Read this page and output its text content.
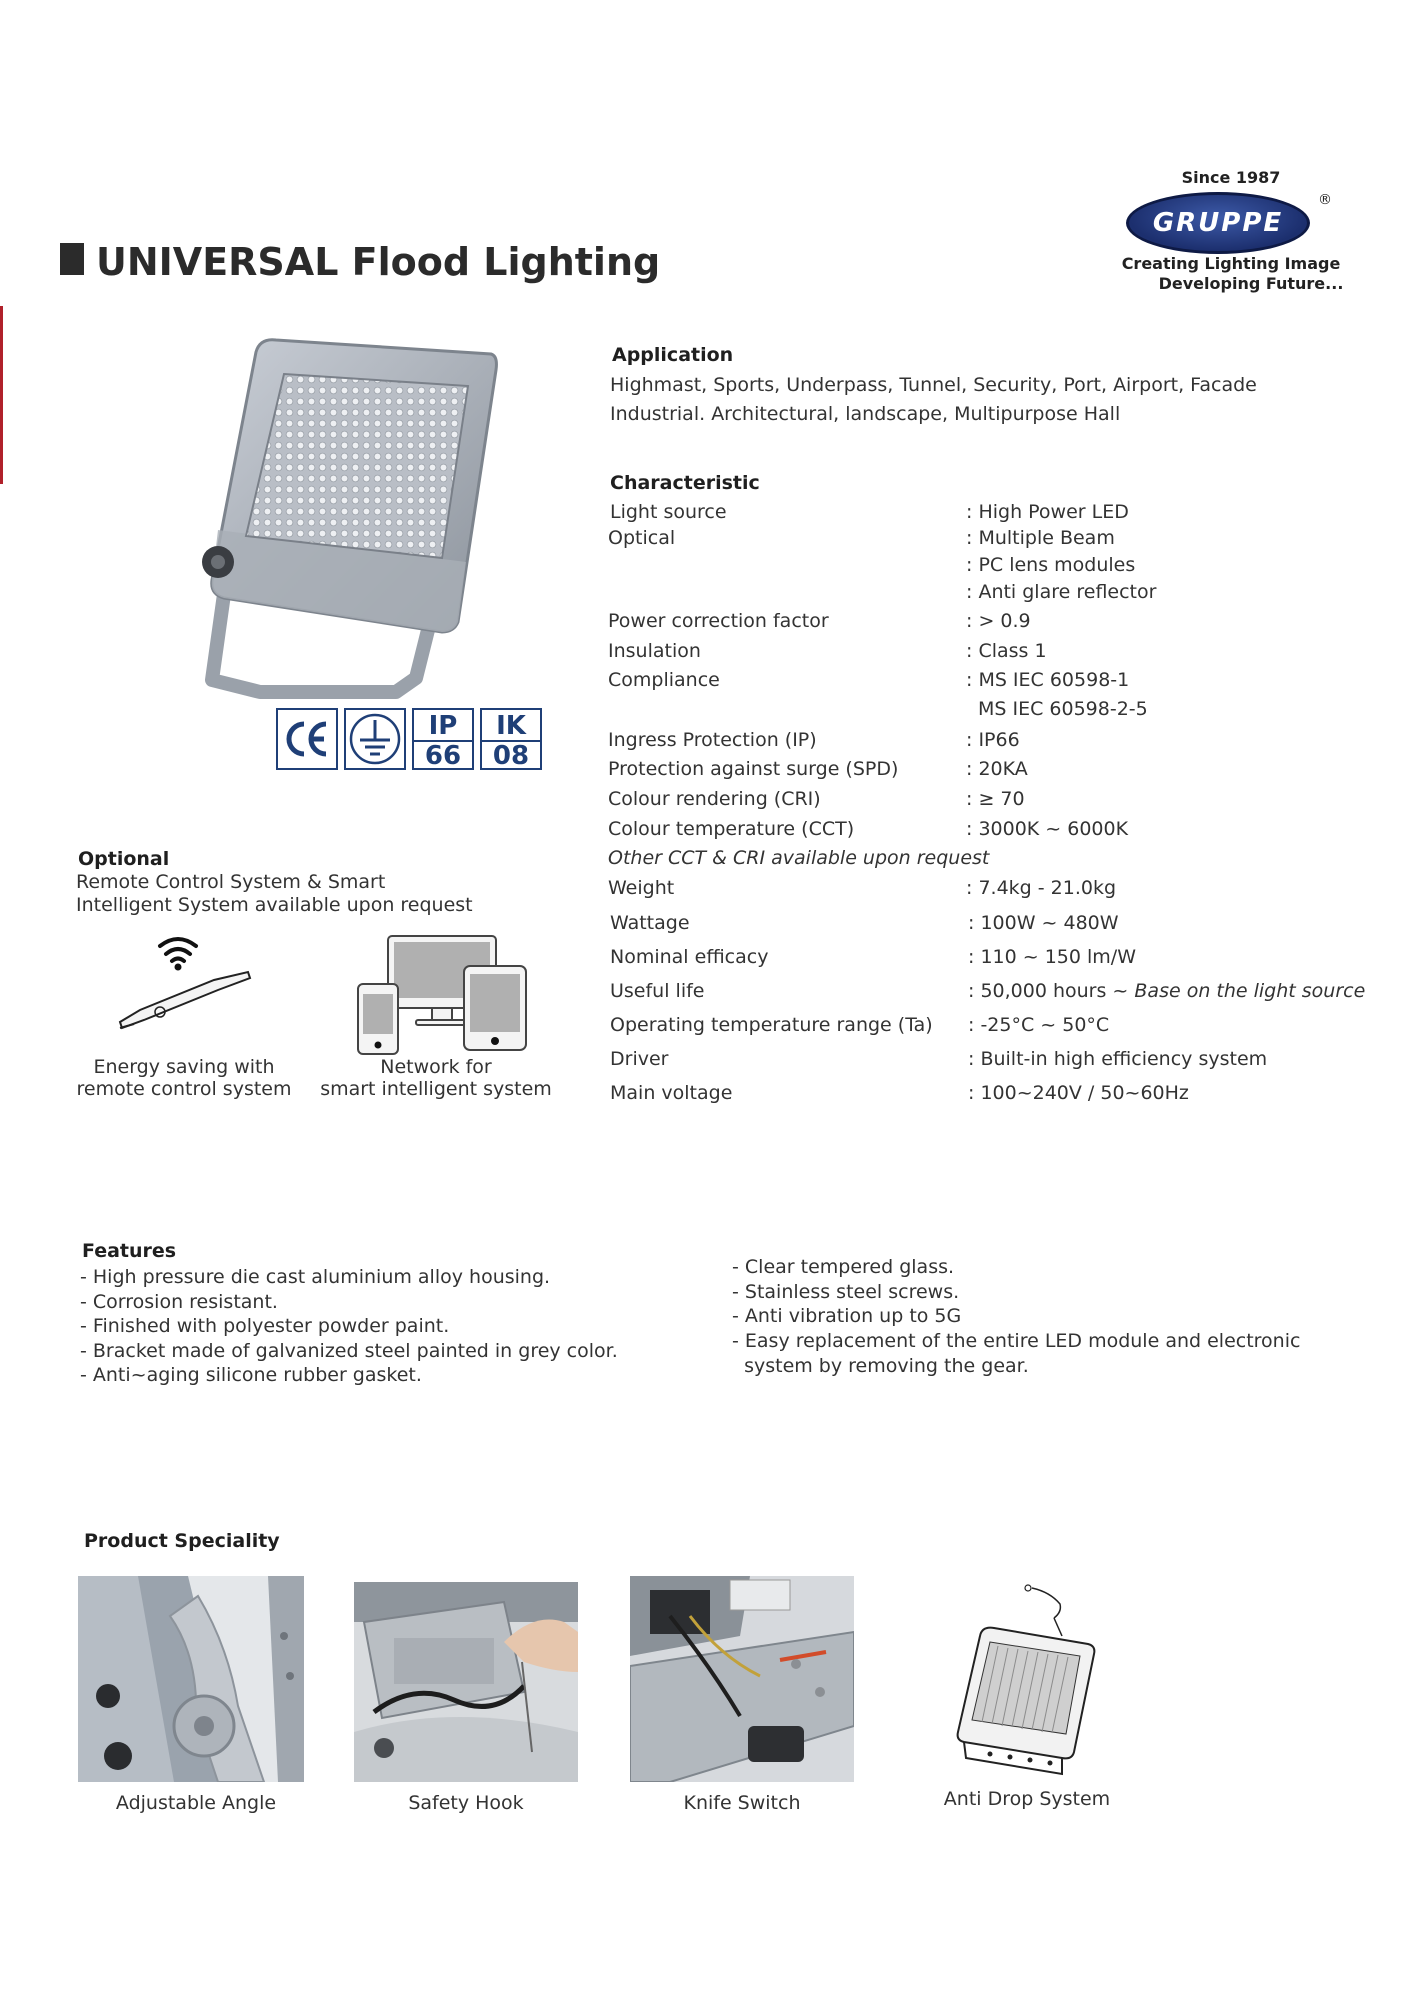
UNIVERSAL Flood Lighting
Since 1987
GRUPPE
®
Creating Lighting Image
Developing Future...
IP
66
IK
08
Application
Highmast, Sports, Underpass, Tunnel, Security, Port, Airport, Facade
Industrial. Architectural, landscape, Multipurpose Hall
Characteristic
Light source	: High Power LED
Optical	: Multiple Beam
: PC lens modules
: Anti glare reflector
Power correction factor	: > 0.9
Insulation	: Class 1
Compliance	: MS IEC 60598-1
MS IEC 60598-2-5
Ingress Protection (IP)	: IP66
Protection against surge (SPD)	: 20KA
Colour rendering (CRI)	: ≥ 70
Colour temperature (CCT)	: 3000K ~ 6000K
Other CCT & CRI available upon request
Weight	: 7.4kg - 21.0kg
Wattage	: 100W ~ 480W
Nominal efficacy	: 110 ~ 150 lm/W
Useful life	: 50,000 hours ~ Base on the light source
Operating temperature range (Ta) : -25°C ~ 50°C
Driver	: Built-in high efficiency system
Main voltage	: 100~240V / 50~60Hz
Optional
Remote Control System & Smart
Intelligent System available upon request
Energy saving with
remote control system
Network for
smart intelligent system
Features
- High pressure die cast aluminium alloy housing.
- Corrosion resistant.
- Finished with polyester powder paint.
- Bracket made of galvanized steel painted in grey color.
- Anti~aging silicone rubber gasket.
- Clear tempered glass.
- Stainless steel screws.
- Anti vibration up to 5G
- Easy replacement of the entire LED module and electronic
system by removing the gear.
Product Speciality
Adjustable Angle	Safety Hook	Knife Switch	Anti Drop System
